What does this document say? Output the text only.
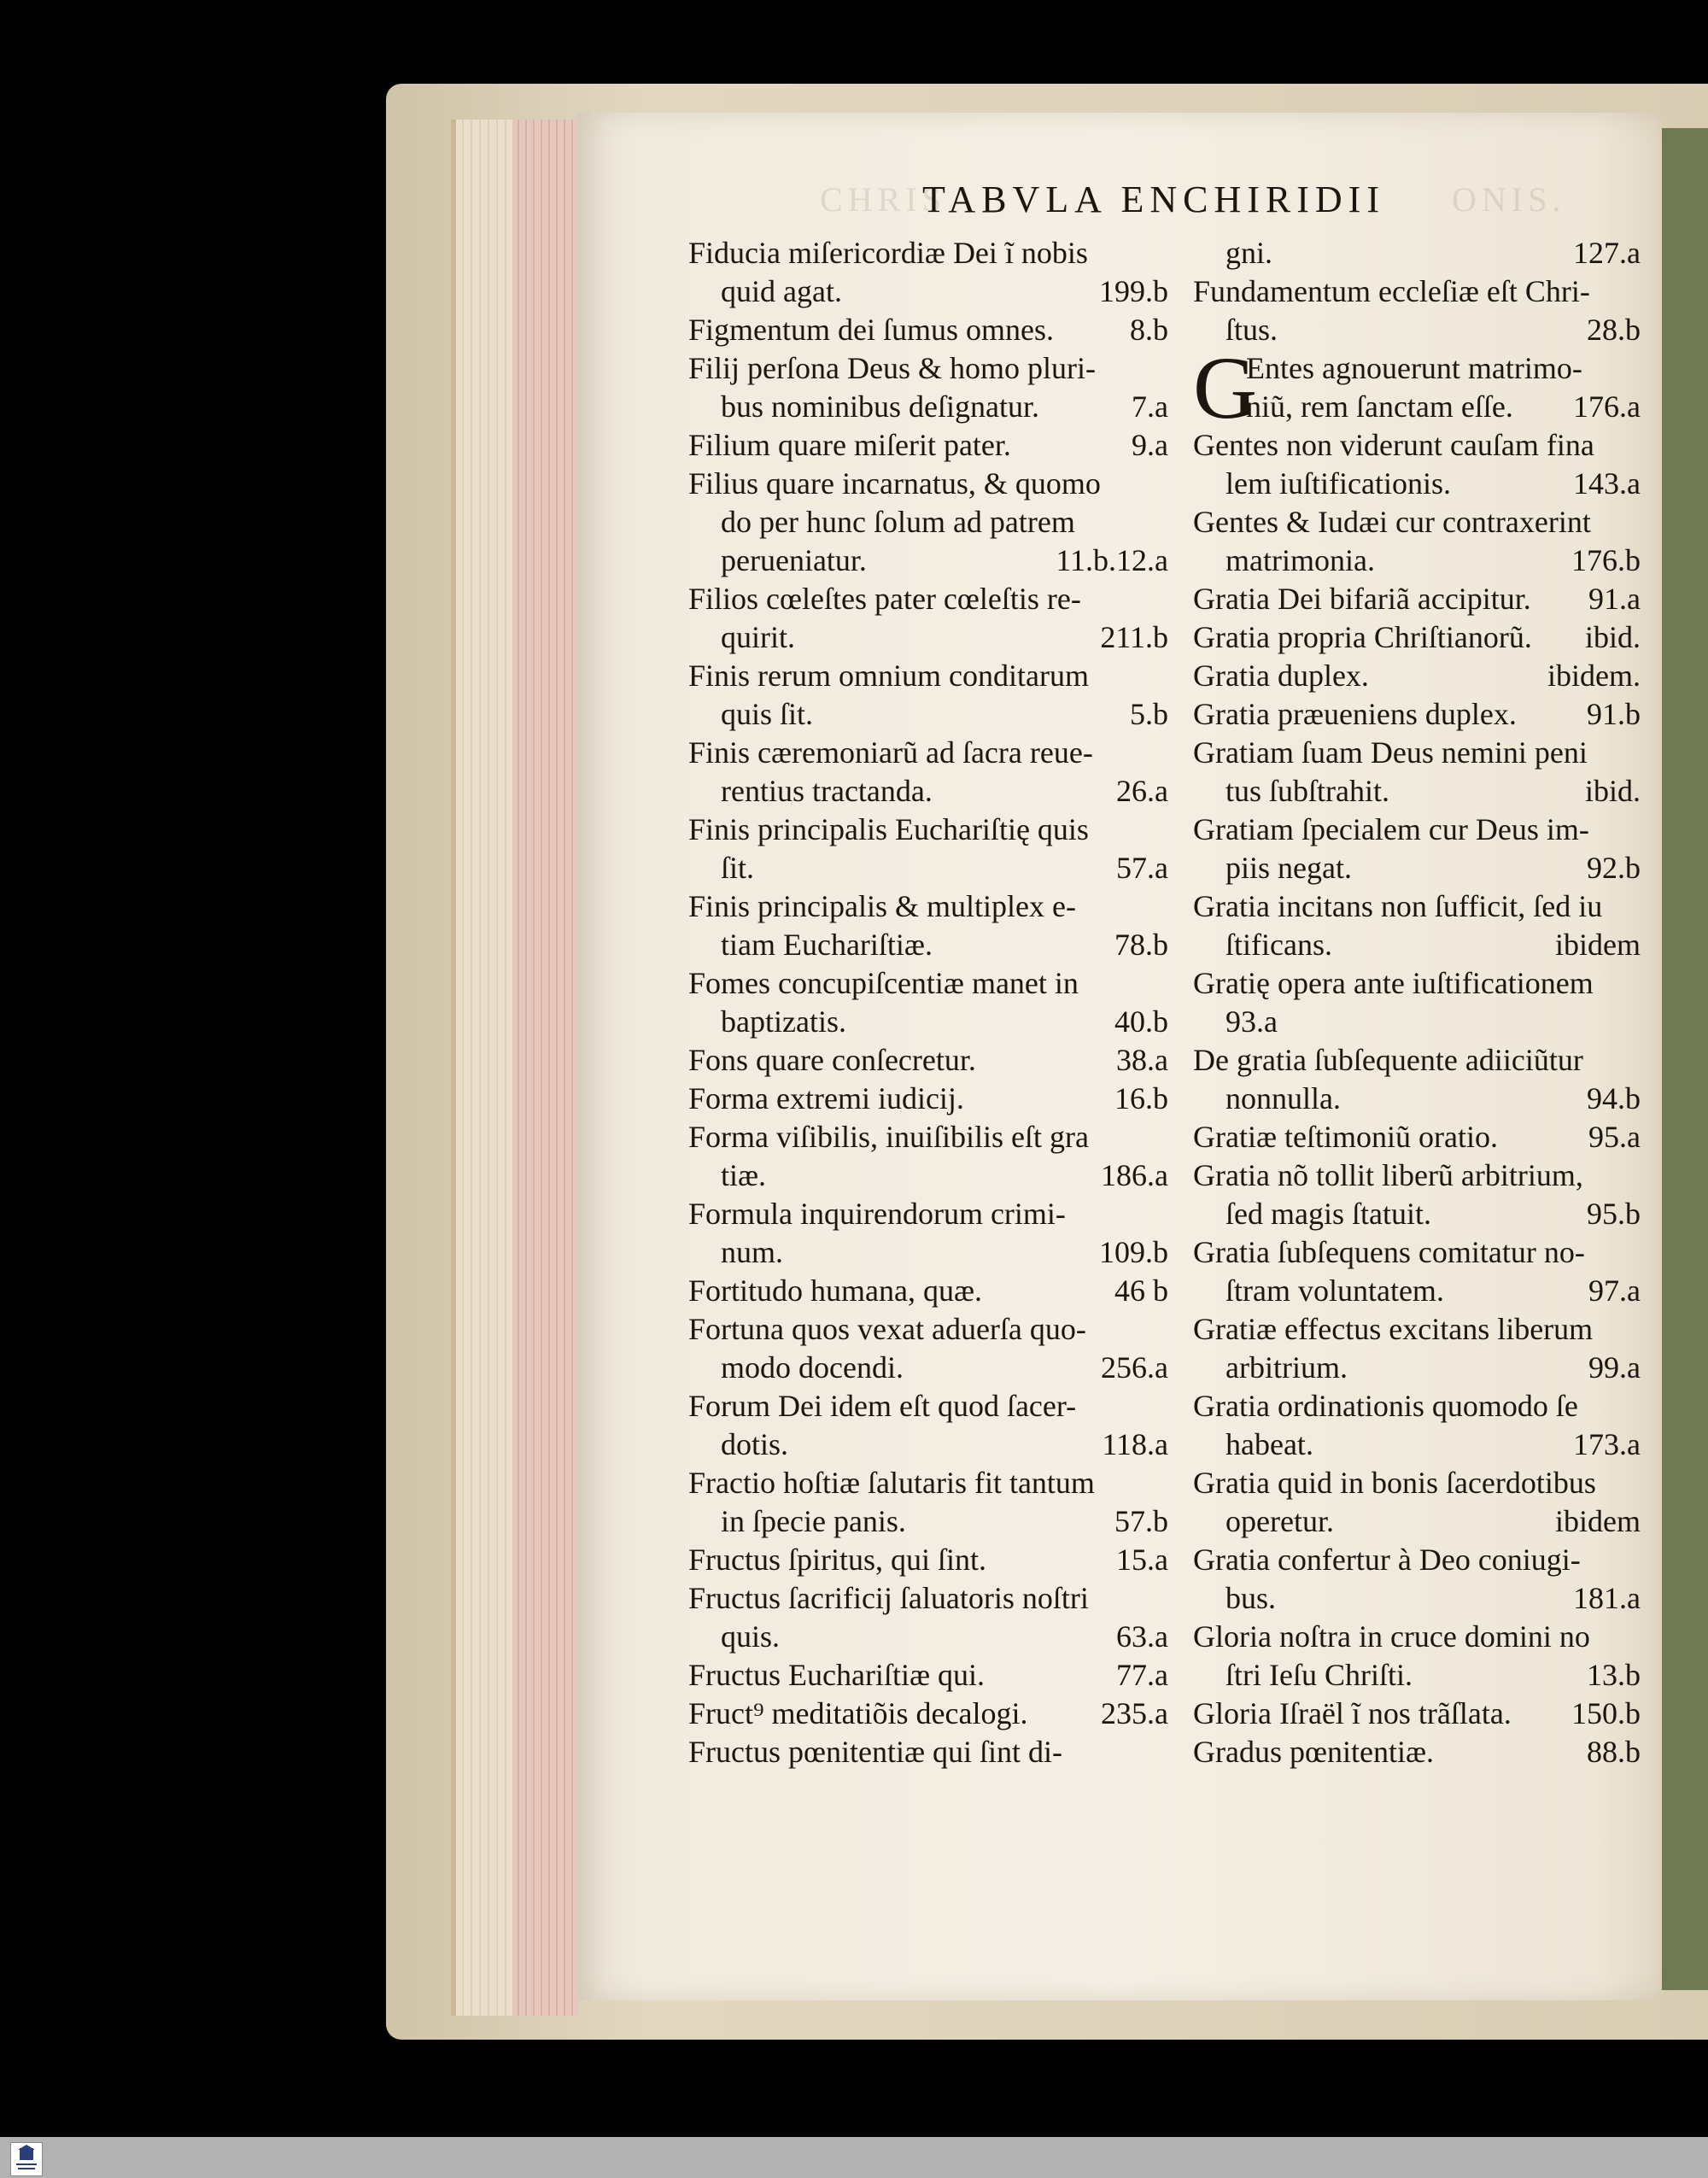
TABVLA ENCHIRIDII
Fiducia miſericordiæ Dei ĩ nobis
quid agat.	199.b
Figmentum dei ſumus omnes. 8.b
Filij perſona Deus & homo pluri-
bus nominibus deſignatur.	7.a
Filium quare miſerit pater.	9.a
Filius quare incarnatus, & quomo
do per hunc ſolum ad patrem
perueniatur.	11.b.12.a
Filios cœleſtes pater cœleſtis re-
quirit.	211.b
Finis rerum omnium conditarum
quis ſit.	5.b
Finis cæremoniarũ ad ſacra reue-
rentius tractanda.	26.a
Finis principalis Euchariſtię quis
ſit.	57.a
Finis principalis & multiplex e-
tiam Euchariſtiæ.	78.b
Fomes concupiſcentiæ manet in
baptizatis.	40.b
Fons quare conſecretur.	38.a
Forma extremi iudicij.	16.b
Forma viſibilis, inuiſibilis eſt gra
tiæ.	186.a
Formula inquirendorum crimi-
num.	109.b
Fortitudo humana, quæ.	46 b
Fortuna quos vexat aduerſa quo-
modo docendi.	256.a
Forum Dei idem eſt quod ſacer-
dotis.	118.a
Fractio hoſtiæ ſalutaris fit tantum
in ſpecie panis.	57.b
Fructus ſpiritus, qui ſint.	15.a
Fructus ſacrificij ſaluatoris noſtri
quis.	63.a
Fructus Euchariſtiæ qui.	77.a
Fruct⁹ meditatiõis decalogi. 235.a
Fructus pœnitentiæ qui ſint di-
gni.	127.a
Fundamentum eccleſiæ eſt Chri-
ſtus.	28.b
G
Entes agnouerunt matrimo-
niũ, rem ſanctam eſſe. 176.a
Gentes non viderunt cauſam fina
lem iuſtificationis.	143.a
Gentes & Iudæi cur contraxerint
matrimonia.	176.b
Gratia Dei bifariã accipitur. 91.a
Gratia propria Chriſtianorũ. ibid.
Gratia duplex.	ibidem.
Gratia præueniens duplex. 91.b
Gratiam ſuam Deus nemini peni
tus ſubſtrahit.	ibid.
Gratiam ſpecialem cur Deus im-
piis negat.	92.b
Gratia incitans non ſufficit, ſed iu
ſtificans.	ibidem
Gratię opera ante iuſtificationem
93.a
De gratia ſubſequente adiiciũtur
nonnulla.	94.b
Gratiæ teſtimoniũ oratio.	95.a
Gratia nõ tollit liberũ arbitrium,
ſed magis ſtatuit.	95.b
Gratia ſubſequens comitatur no-
ſtram voluntatem.	97.a
Gratiæ effectus excitans liberum
arbitrium.	99.a
Gratia ordinationis quomodo ſe
habeat.	173.a
Gratia quid in bonis ſacerdotibus
operetur.	ibidem
Gratia confertur à Deo coniugi-
bus.	181.a
Gloria noſtra in cruce domini no
ſtri Ieſu Chriſti.	13.b
Gloria Iſraël ĩ nos trãſlata. 150.b
Gradus pœnitentiæ.	88.b
